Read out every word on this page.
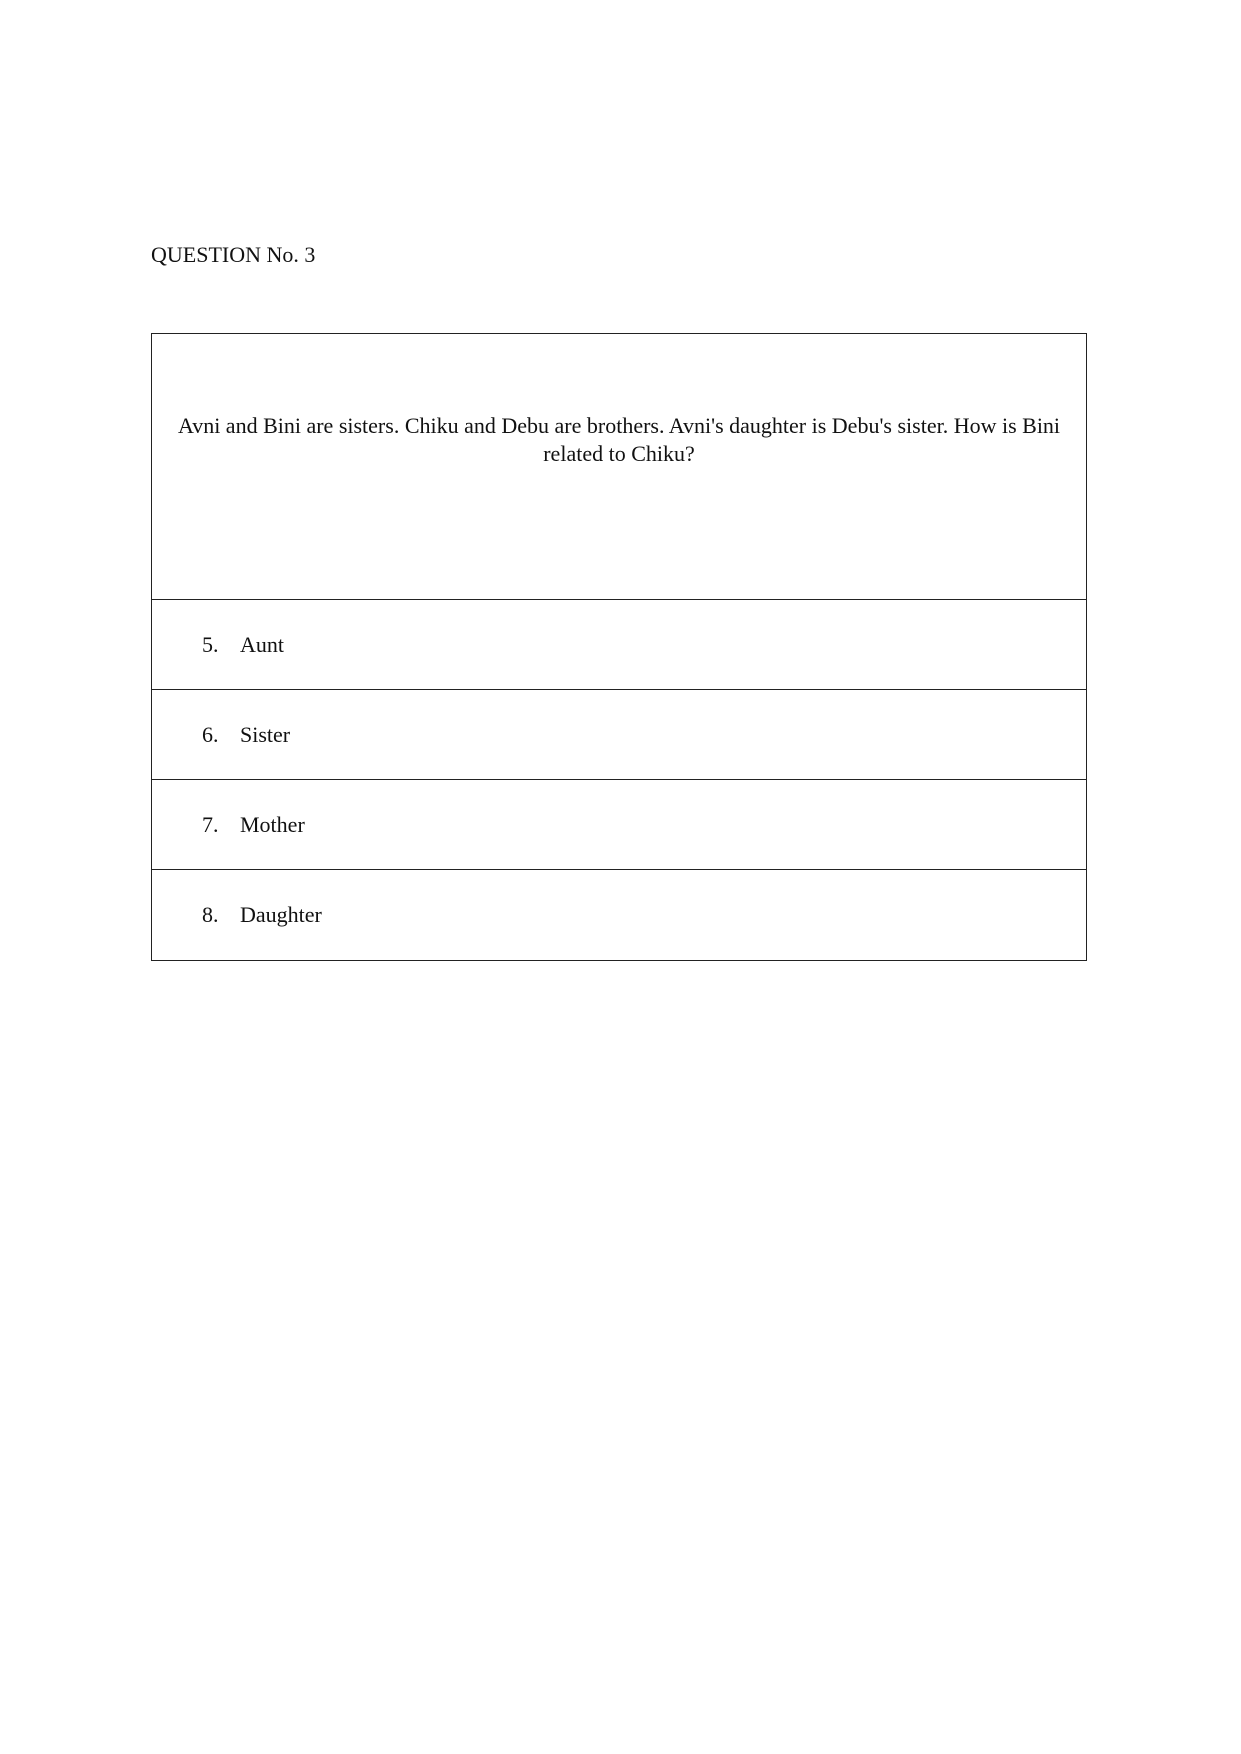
QUESTION No. 3

Avni and Bini are sisters. Chiku and Debu are brothers. Avni's daughter is Debu's sister. How is Bini related to Chiku?

5. Aunt
6. Sister
7. Mother
8. Daughter
